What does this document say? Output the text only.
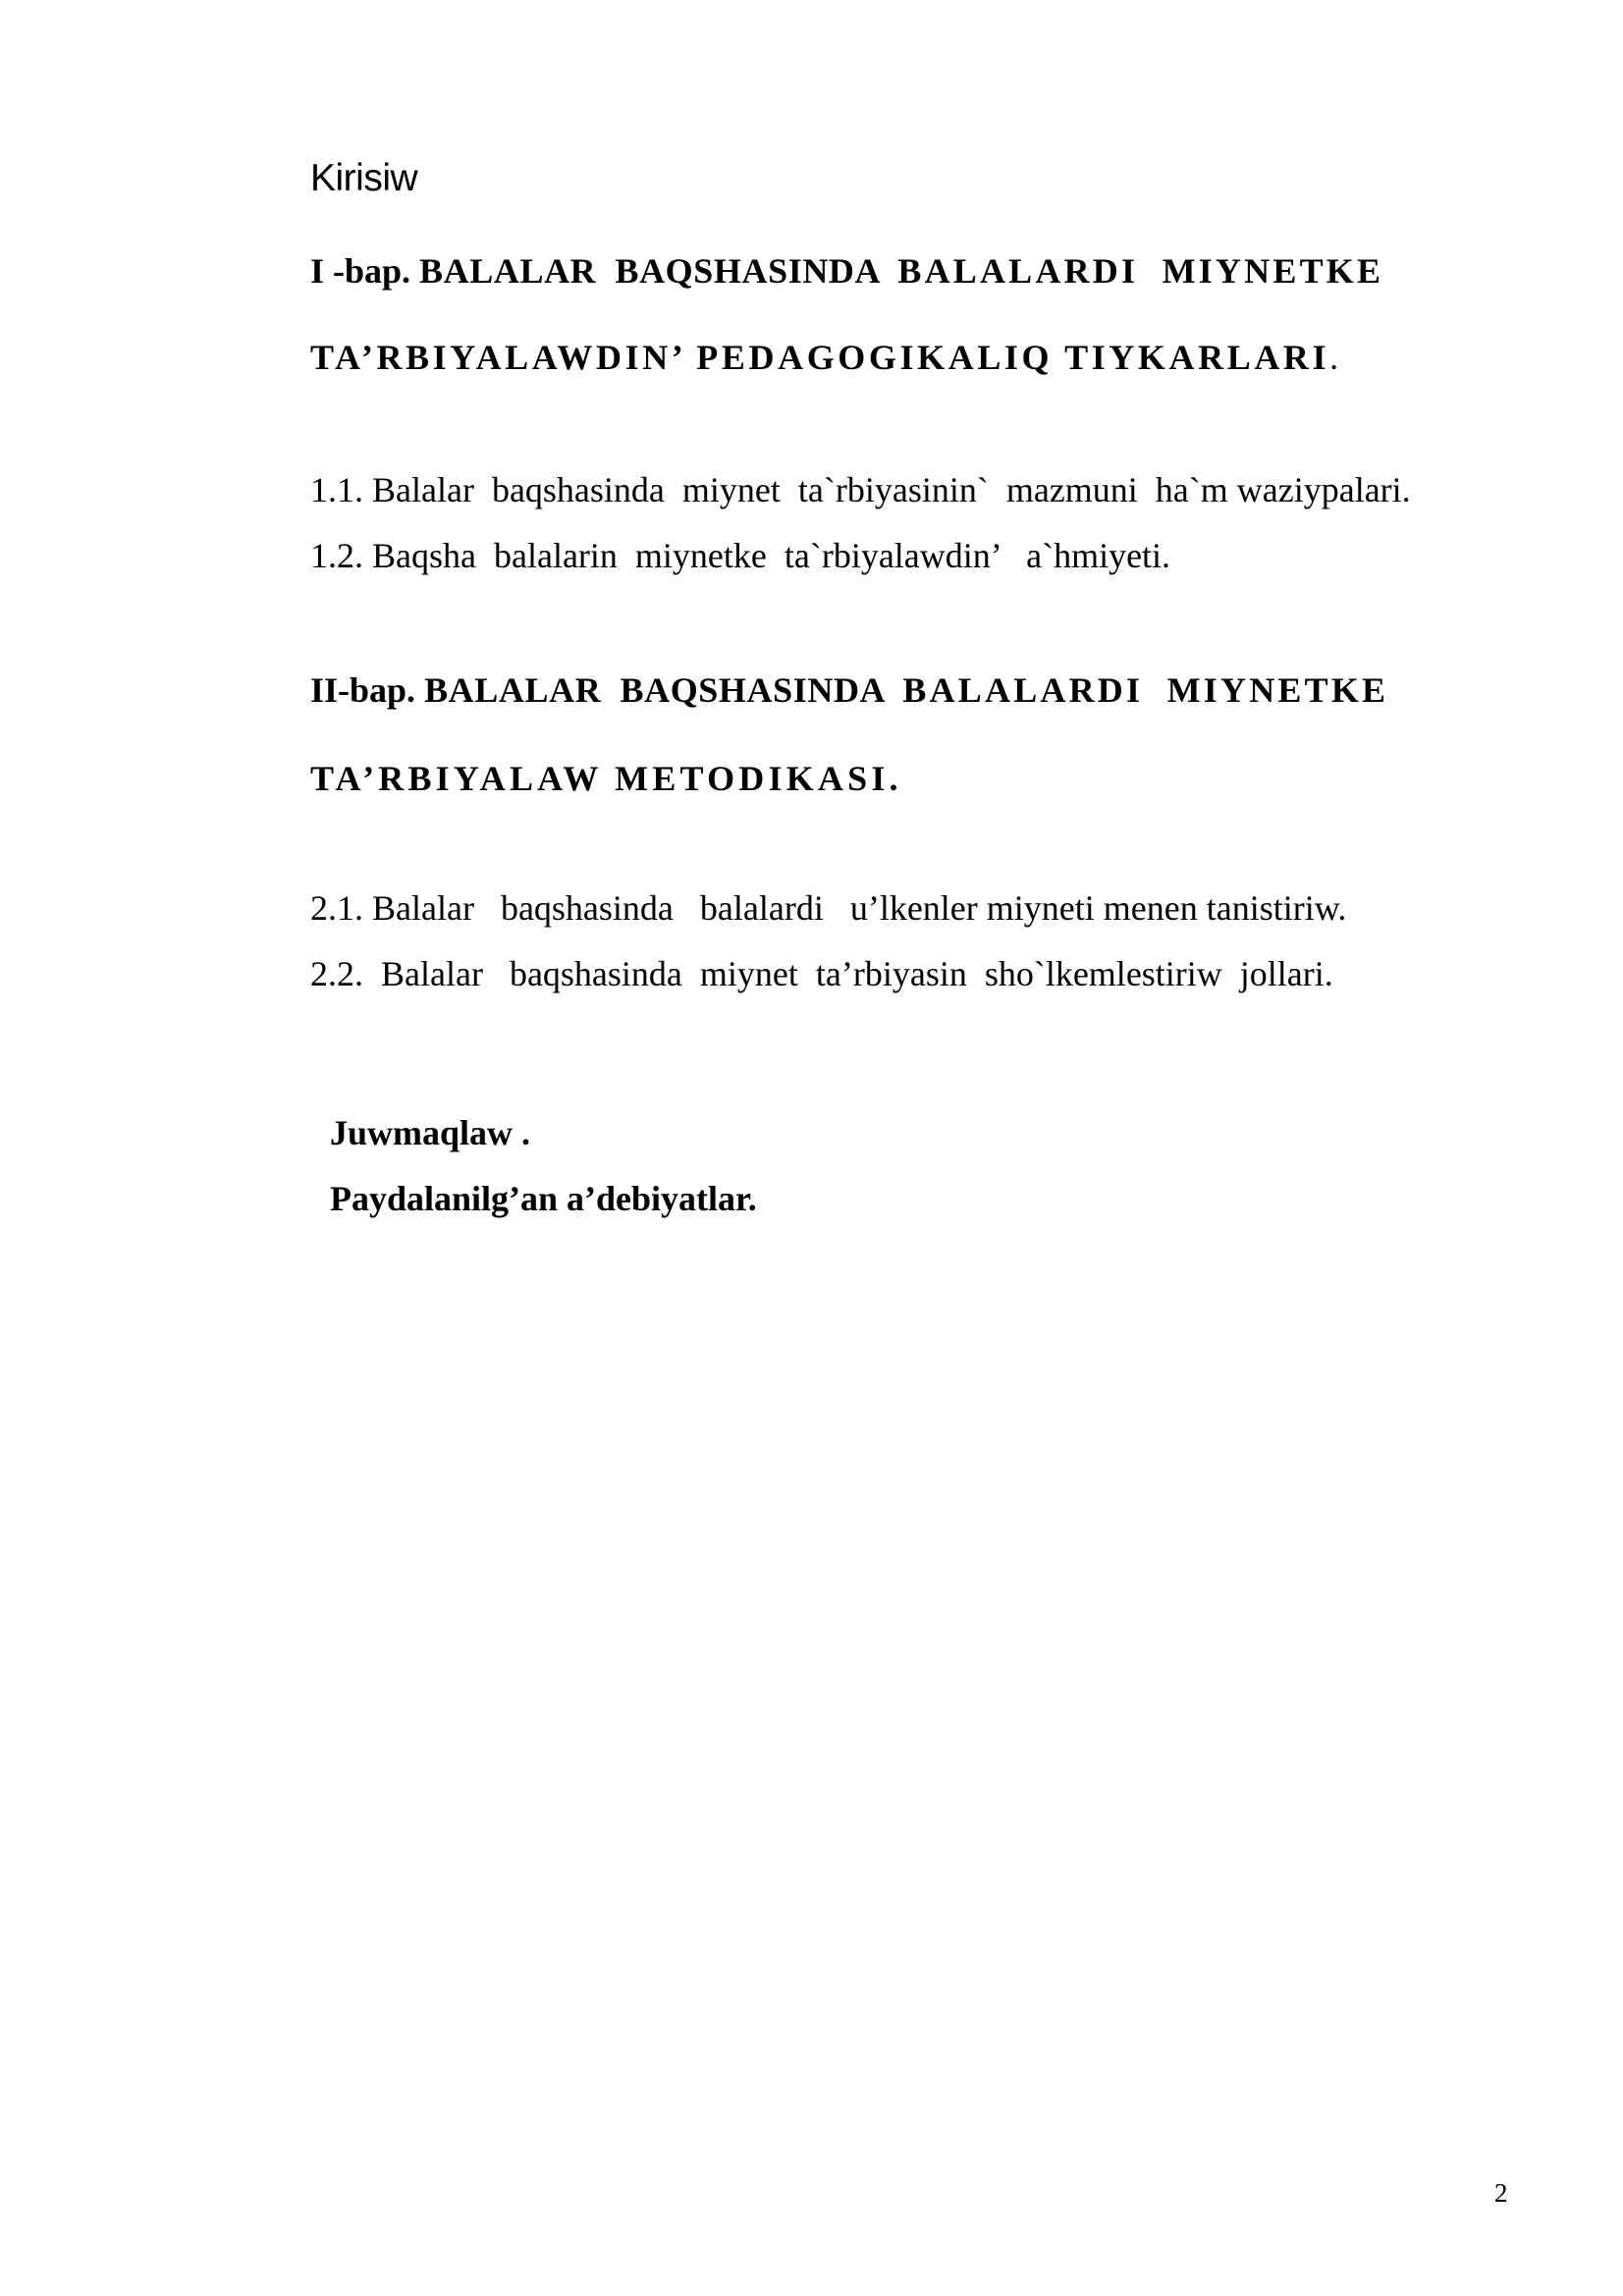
Kirisiw
I -bap. BALALAR  BAQSHASINDA  BALALARDI  MIYNETKE
TA’RBIYALAWDIN’ PEDAGOGIKALIQ TIYKARLARI.
1.1. Balalar  baqshasinda  miynet  ta`rbiyasinin`  mazmuni  ha`m waziypalari.
1.2. Baqsha  balalarin  miynetke  ta`rbiyalawdin’   a`hmiyeti.
II-bap. BALALAR  BAQSHASINDA  BALALARDI  MIYNETKE
TA’RBIYALAW METODIKASI.
2.1. Balalar   baqshasinda   balalardi   u’lkenler miyneti menen tanistiriw.
2.2.  Balalar   baqshasinda  miynet  ta’rbiyasin  sho`lkemlestiriw  jollari.
Juwmaqlaw .
Paydalanilg’an a’debiyatlar.
2
